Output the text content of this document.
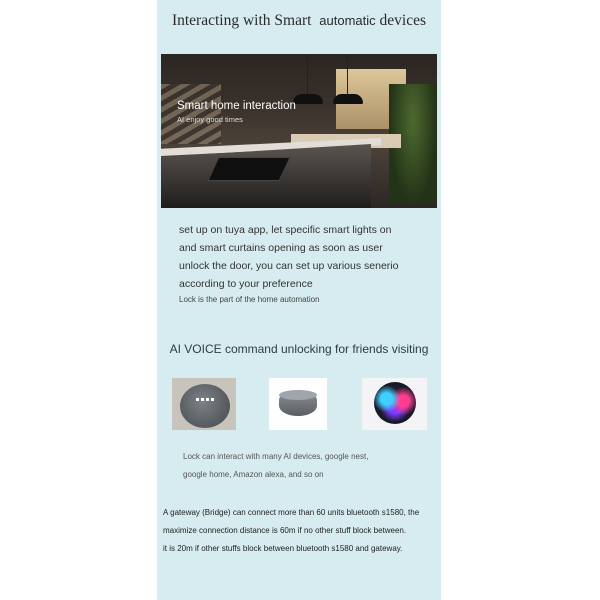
Interacting with Smart automatic devices
Smart home interaction
AI enjoy good times
set up on tuya app, let specific smart lights on
and smart curtains opening as soon as user
unlock the door, you can set up various senerio
according to your preference
Lock is the part of the home automation
AI VOICE command unlocking for friends visiting
Lock can interact with many AI devices, google nest,
google home, Amazon alexa, and so on
A gateway (Bridge) can connect more than 60 units bluetooth s1580, the
maximize connection distance is 60m if no other stuff block between.
it is 20m if other stuffs block between bluetooth s1580 and gateway.
